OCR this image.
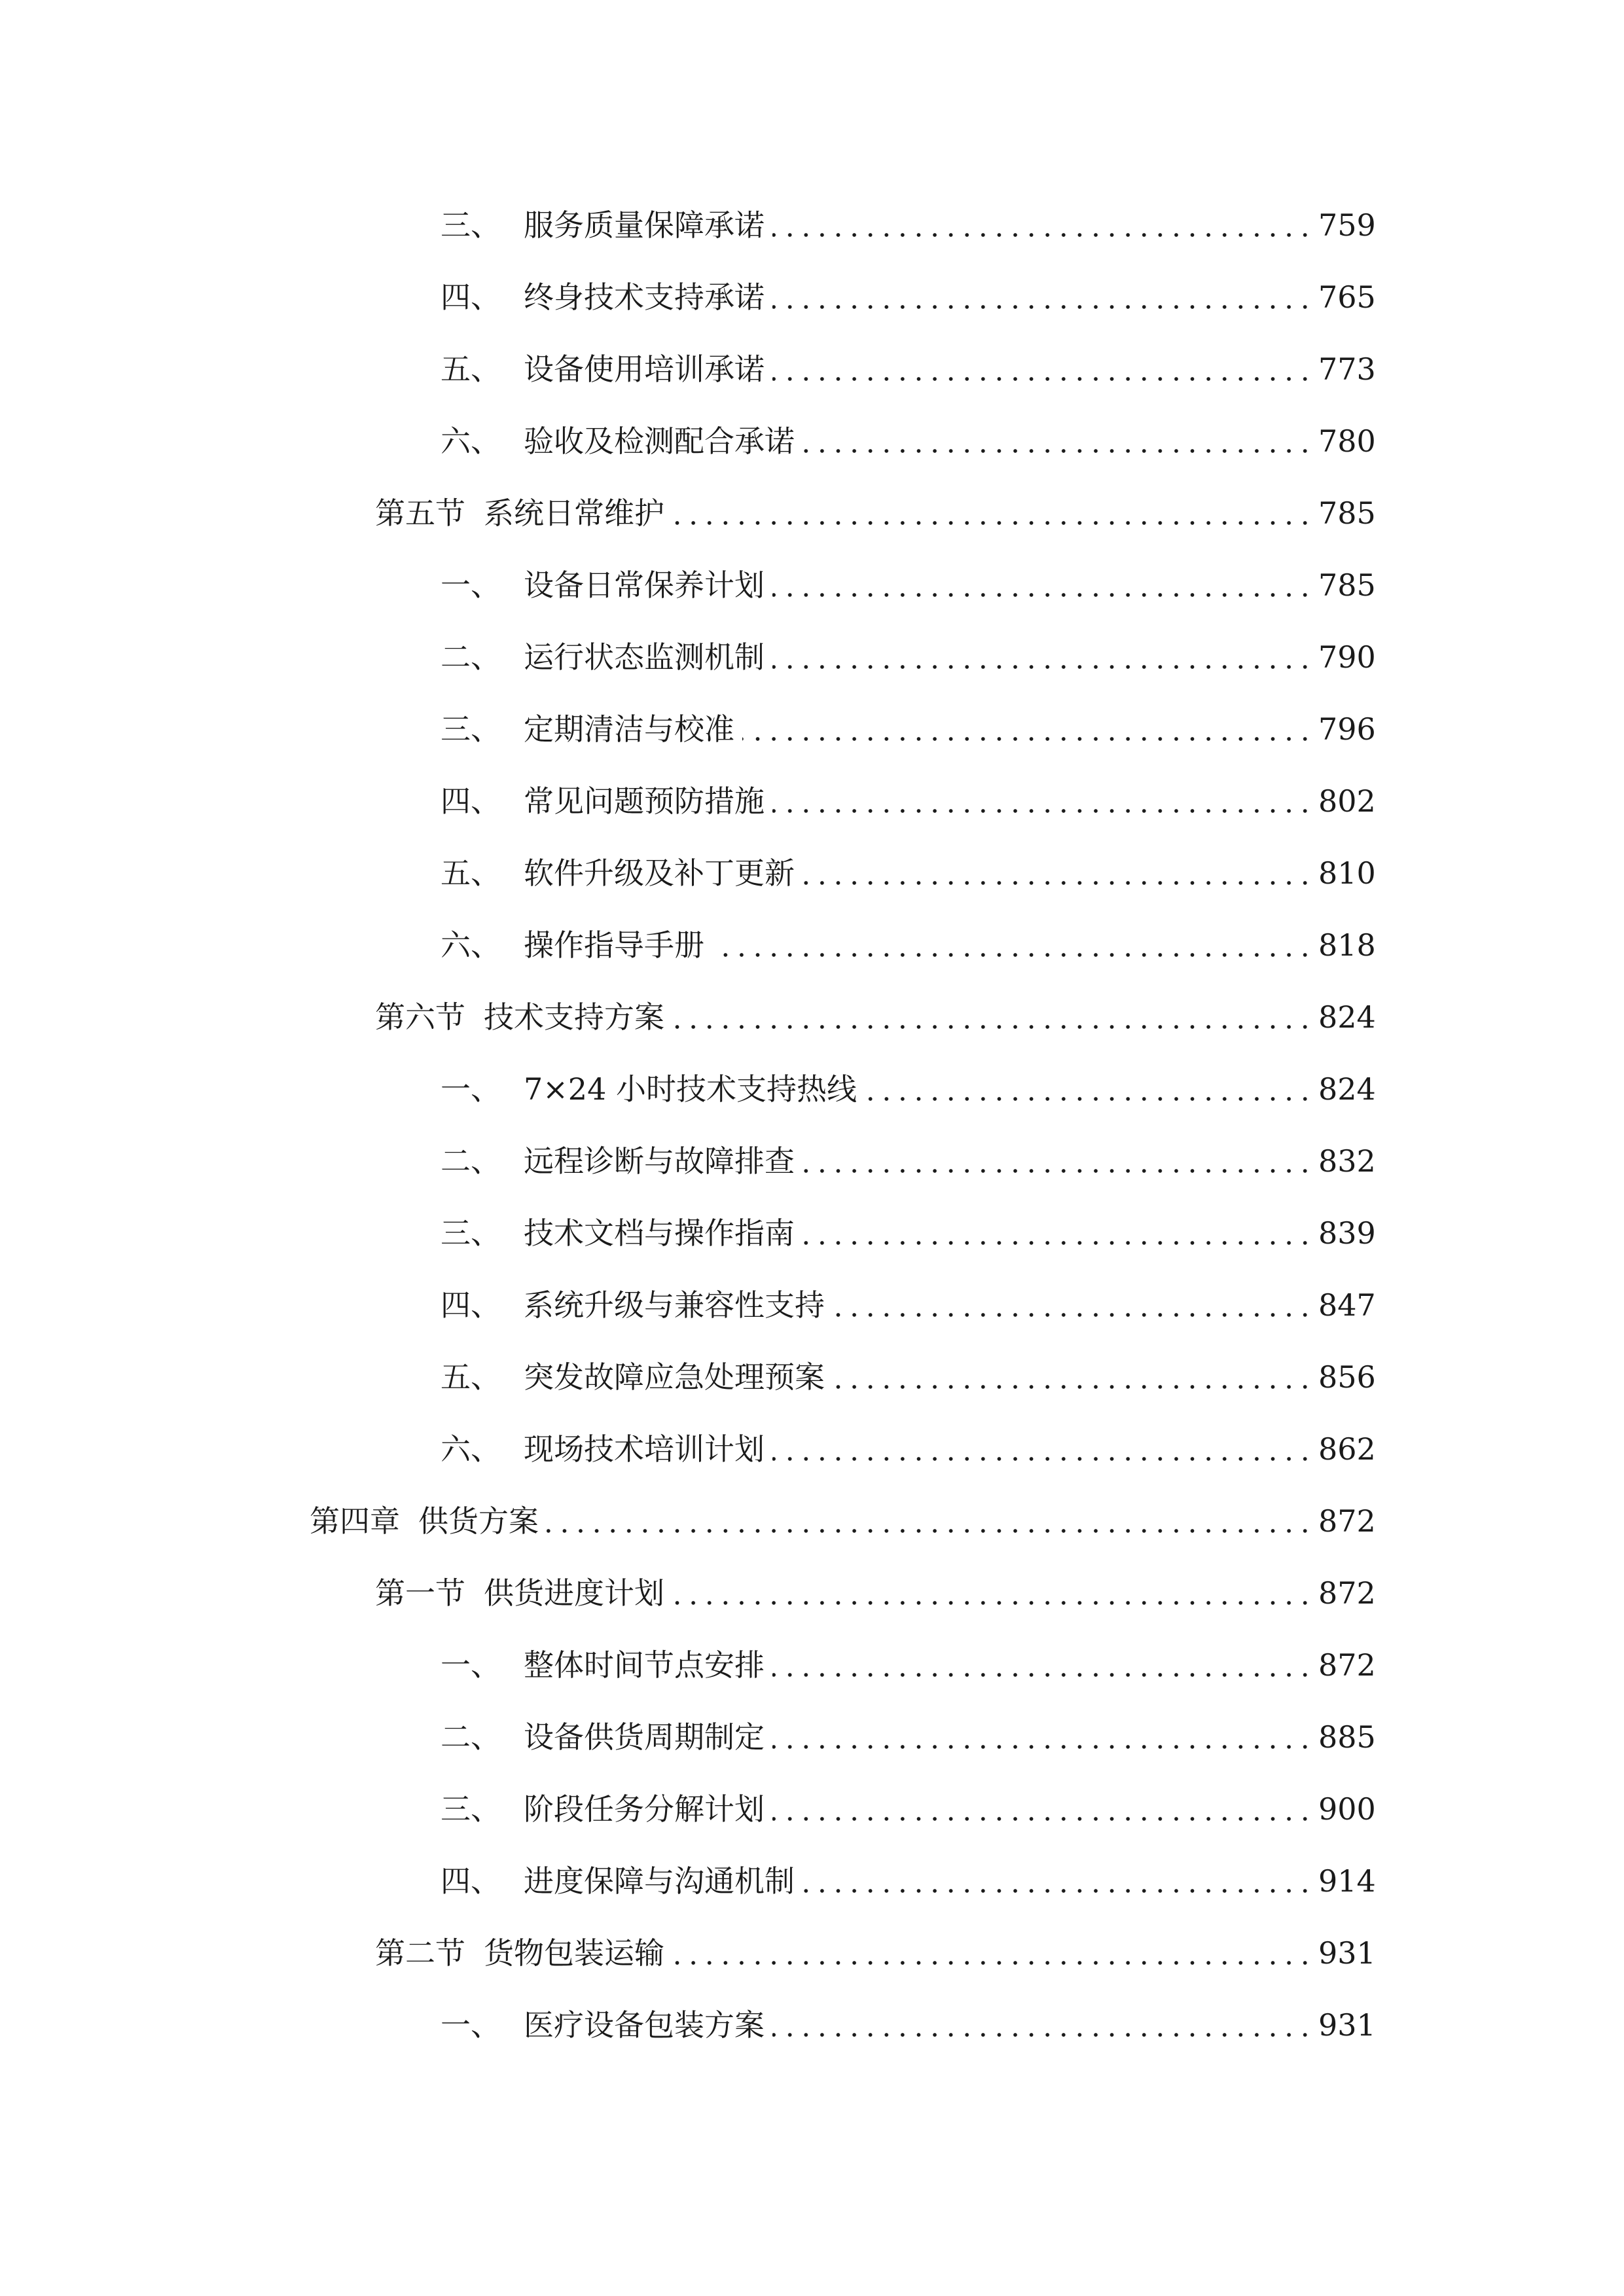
三、 服务质量保障承诺	759
四、 终身技术支持承诺	765
五、 设备使用培训承诺	773
六、 验收及检测配合承诺	780
第五节 系统日常维护	785
一、 设备日常保养计划	785
二、 运行状态监测机制	790
三、 定期清洁与校准	796
四、 常见问题预防措施	802
五、 软件升级及补丁更新	810
六、 操作指导手册	818
第六节 技术支持方案	824
一、 7×24 小时技术支持热线	824
二、 远程诊断与故障排查	832
三、 技术文档与操作指南	839
四、 系统升级与兼容性支持	847
五、 突发故障应急处理预案	856
六、 现场技术培训计划	862
第四章 供货方案	872
第一节 供货进度计划	872
一、 整体时间节点安排	872
二、 设备供货周期制定	885
三、 阶段任务分解计划	900
四、 进度保障与沟通机制	914
第二节 货物包装运输	931
一、 医疗设备包装方案	931
